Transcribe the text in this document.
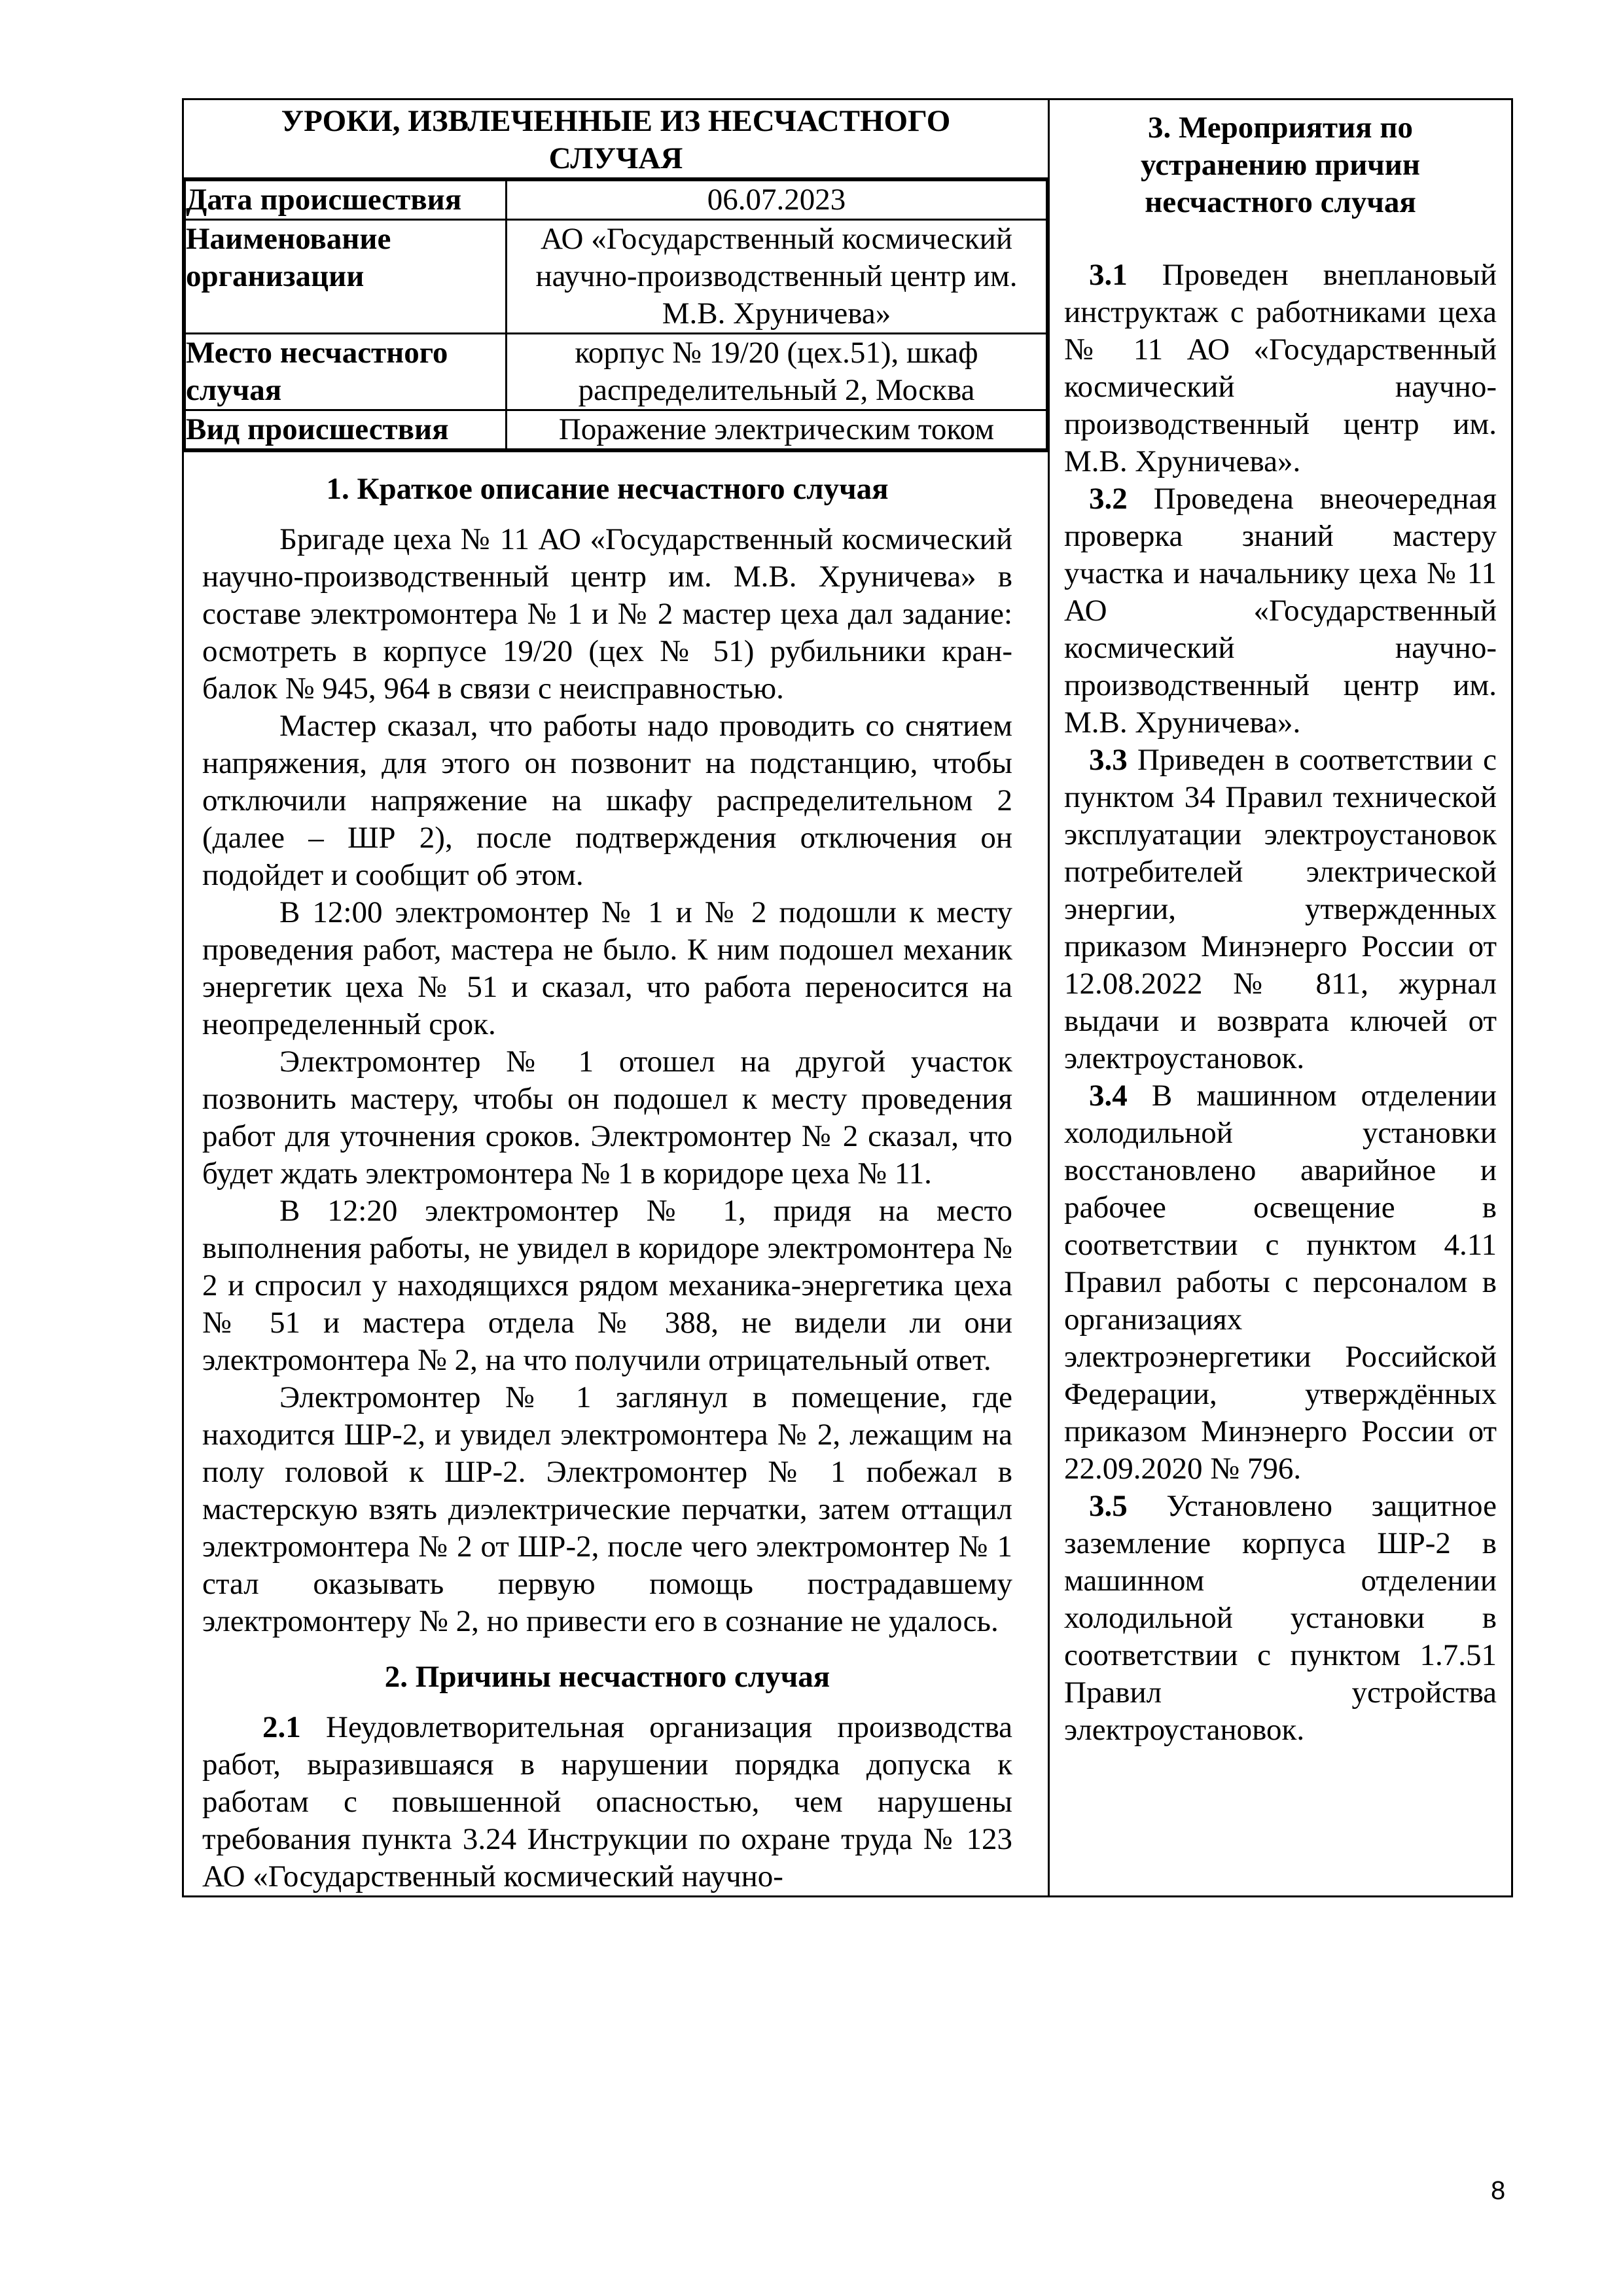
УРОКИ, ИЗВЛЕЧЕННЫЕ ИЗ НЕСЧАСТНОГО СЛУЧАЯ
Дата происшествия	06.07.2023
Наименование организации	АО «Государственный космический научно-производственный центр им. М.В. Хруничева»
Место несчастного случая	корпус № 19/20 (цех.51), шкаф распределительный 2, Москва
Вид происшествия	Поражение электрическим током

3. Мероприятия по устранению причин несчастного случая

3.1 Проведен внеплановый инструктаж с работниками цеха № 11 АО «Государственный космический научно-производственный центр им. М.В. Хруничева».

3.2 Проведена внеочередная проверка знаний мастеру участка и начальнику цеха № 11 АО «Государственный космический научно-производственный центр им. М.В. Хруничева».

3.3 Приведен в соответствии с пунктом 34 Правил технической эксплуатации электроустановок потребителей электрической энергии, утвержденных приказом Минэнерго России от 12.08.2022 № 811, журнал выдачи и возврата ключей от электроустановок.

3.4 В машинном отделении холодильной установки восстановлено аварийное и рабочее освещение в соответствии с пунктом 4.11 Правил работы с персоналом в организациях электроэнергетики Российской Федерации, утверждённых приказом Минэнерго России от 22.09.2020 № 796.

3.5 Установлено защитное заземление корпуса ШР-2 в машинном отделении холодильной установки в соответствии с пунктом 1.7.51 Правил устройства электроустановок.

1. Краткое описание несчастного случая

Бригаде цеха № 11 АО «Государственный космический научно-производственный центр им. М.В. Хруничева» в составе электромонтера № 1 и № 2 мастер цеха дал задание: осмотреть в корпусе 19/20 (цех № 51) рубильники кран-балок № 945, 964 в связи с неисправностью.

Мастер сказал, что работы надо проводить со снятием напряжения, для этого он позвонит на подстанцию, чтобы отключили напряжение на шкафу распределительном 2 (далее – ШР 2), после подтверждения отключения он подойдет и сообщит об этом.

В 12:00 электромонтер № 1 и № 2 подошли к месту проведения работ, мастера не было. К ним подошел механик энергетик цеха № 51 и сказал, что работа переносится на неопределенный срок.

Электромонтер № 1 отошел на другой участок позвонить мастеру, чтобы он подошел к месту проведения работ для уточнения сроков. Электромонтер № 2 сказал, что будет ждать электромонтера № 1 в коридоре цеха № 11.

В 12:20 электромонтер № 1, придя на место выполнения работы, не увидел в коридоре электромонтера № 2 и спросил у находящихся рядом механика-энергетика цеха № 51 и мастера отдела № 388, не видели ли они электромонтера № 2, на что получили отрицательный ответ.

Электромонтер № 1 заглянул в помещение, где находится ШР-2, и увидел электромонтера № 2, лежащим на полу головой к ШР-2. Электромонтер № 1 побежал в мастерскую взять диэлектрические перчатки, затем оттащил электромонтера № 2 от ШР-2, после чего электромонтер № 1 стал оказывать первую помощь пострадавшему электромонтеру № 2, но привести его в сознание не удалось.

2. Причины несчастного случая

2.1 Неудовлетворительная организация производства работ, выразившаяся в нарушении порядка допуска к работам с повышенной опасностью, чем нарушены требования пункта 3.24 Инструкции по охране труда № 123 АО «Государственный космический научно-

8
